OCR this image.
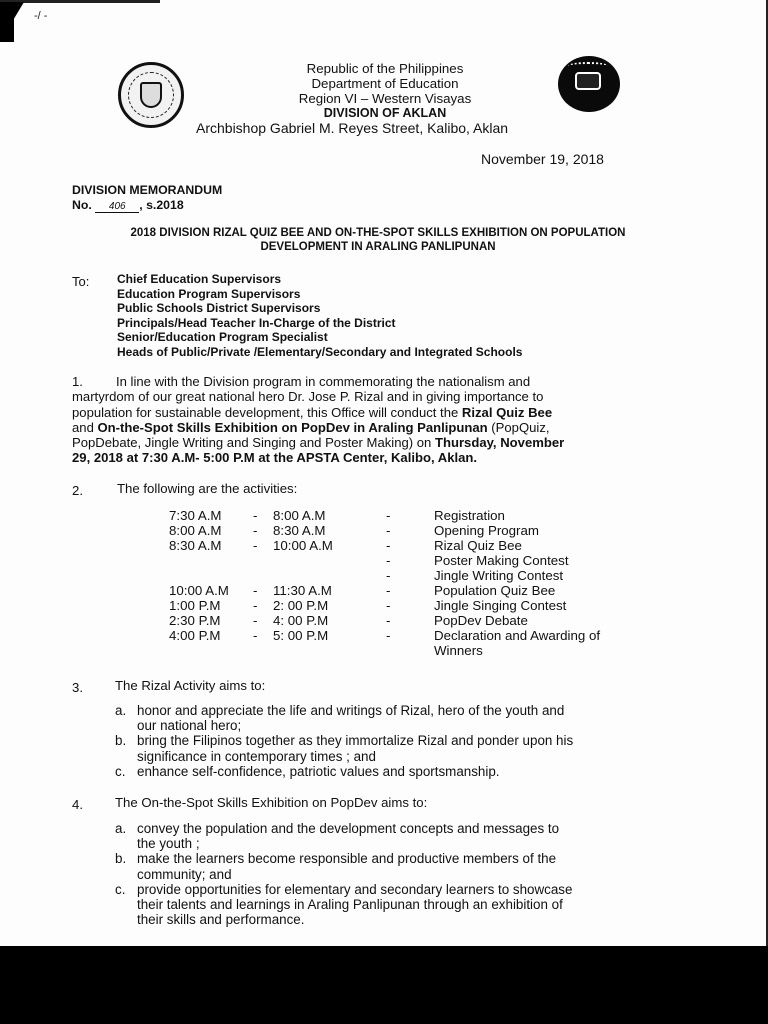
-/ -
Republic of the Philippines
Department of Education
Region VI – Western Visayas
DIVISION OF AKLAN
Archbishop Gabriel M. Reyes Street, Kalibo, Aklan
November 19, 2018
DIVISION MEMORANDUM
No. 406 , s.2018
2018 DIVISION RIZAL QUIZ BEE AND ON-THE-SPOT SKILLS EXHIBITION ON POPULATION
DEVELOPMENT IN ARALING PANLIPUNAN
To: Chief Education Supervisors
Education Program Supervisors
Public Schools District Supervisors
Principals/Head Teacher In-Charge of the District
Senior/Education Program Specialist
Heads of Public/Private /Elementary/Secondary and Integrated Schools
1.	In line with the Division program in commemorating the nationalism and
martyrdom of our great national hero Dr. Jose P. Rizal and in giving importance to
population for sustainable development, this Office will conduct the Rizal Quiz Bee
and On-the-Spot Skills Exhibition on PopDev in Araling Panlipunan (PopQuiz,
PopDebate, Jingle Writing and Singing and Poster Making) on Thursday, November
29, 2018 at 7:30 A.M- 5:00 P.M at the APSTA Center, Kalibo, Aklan.
2.	The following are the activities:
7:30 A.M - 8:00 A.M	-	Registration
8:00 A.M - 8:30 A.M	-	Opening Program
8:30 A.M - 10:00 A.M	-	Rizal Quiz Bee
-	Poster Making Contest
-	Jingle Writing Contest
10:00 A.M - 11:30 A.M	-	Population Quiz Bee
1:00 P.M - 2: 00 P.M	-	Jingle Singing Contest
2:30 P.M - 4: 00 P.M	-	PopDev Debate
4:00 P.M - 5: 00 P.M	-	Declaration and Awarding of
Winners
3. The Rizal Activity aims to:
a. honor and appreciate the life and writings of Rizal, hero of the youth and
our national hero;
b. bring the Filipinos together as they immortalize Rizal and ponder upon his
significance in contemporary times ; and
c. enhance self-confidence, patriotic values and sportsmanship.
4. The On-the-Spot Skills Exhibition on PopDev aims to:
a. convey the population and the development concepts and messages to
the youth ;
b. make the learners become responsible and productive members of the
community; and
c. provide opportunities for elementary and secondary learners to showcase
their talents and learnings in Araling Panlipunan through an exhibition of
their skills and performance.
